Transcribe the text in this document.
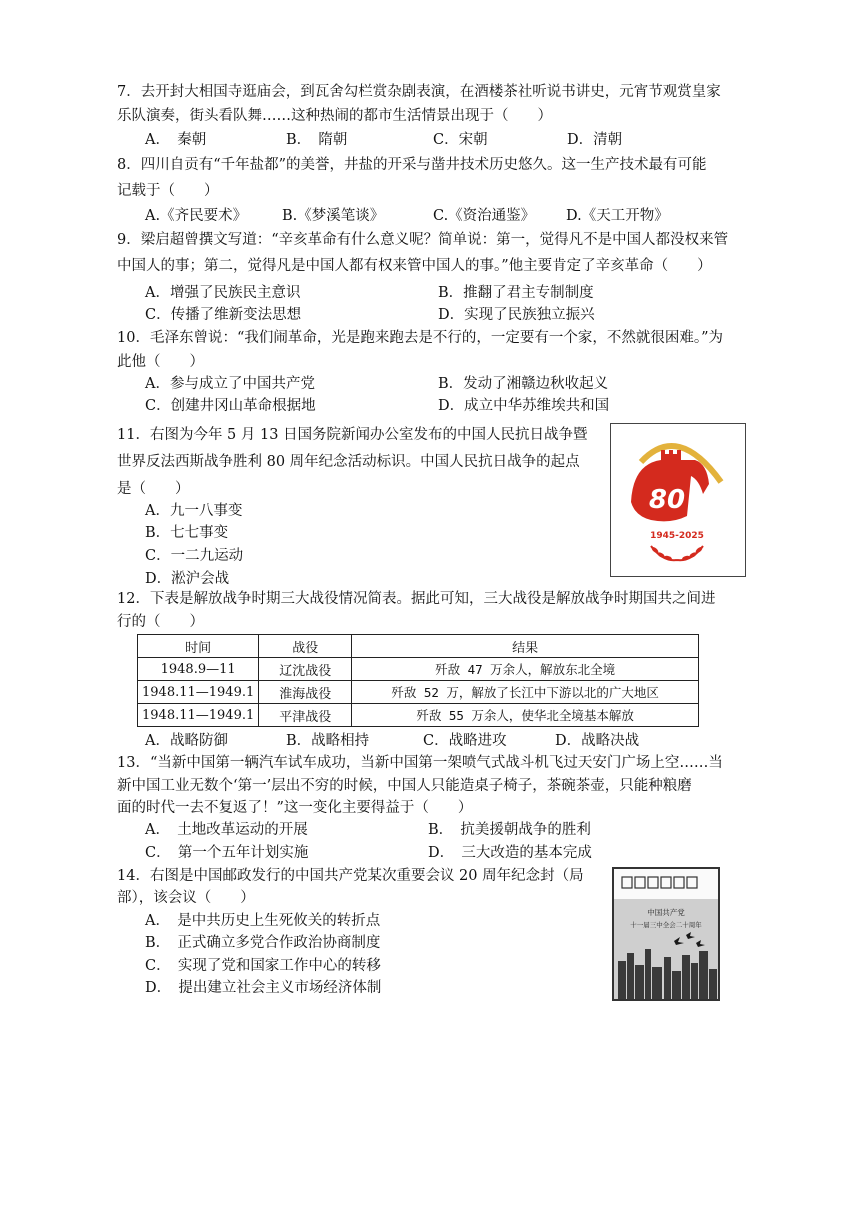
7．去开封大相国寺逛庙会，到瓦舍勾栏赏杂剧表演，在酒楼茶社听说书讲史，元宵节观赏皇家
乐队演奏，街头看队舞……这种热闹的都市生活情景出现于（　　）
A．　秦朝	B．　隋朝	C．宋朝	D．清朝
8．四川自贡有“千年盐都”的美誉，井盐的开采与凿井技术历史悠久。这一生产技术最有可能
记载于（　　）
A.《齐民要术》 B.《梦溪笔谈》	C.《资治通鉴》 D.《天工开物》
9．梁启超曾撰文写道：“辛亥革命有什么意义呢？简单说：第一，觉得凡不是中国人都没权来管
中国人的事；第二，觉得凡是中国人都有权来管中国人的事。”他主要肯定了辛亥革命（　　）
A．增强了民族民主意识	B．推翻了君主专制制度
C．传播了维新变法思想	D．实现了民族独立振兴
10．毛泽东曾说：“我们闹革命，光是跑来跑去是不行的，一定要有一个家，不然就很困难。”为
此他（　　）
A．参与成立了中国共产党	B．发动了湘赣边秋收起义
C．创建井冈山革命根据地	D．成立中华苏维埃共和国
11．右图为今年 5 月 13 日国务院新闻办公室发布的中国人民抗日战争暨
世界反法西斯战争胜利 80 周年纪念活动标识。中国人民抗日战争的起点
是（　　）
A．九一八事变
B．七七事变
C．一二九运动
D．淞沪会战
80
1945-2025
12．下表是解放战争时期三大战役情况简表。据此可知，三大战役是解放战争时期国共之间进
行的（　　）
时间	战役	结果
1948.9—11	辽沈战役	歼敌 47 万余人，解放东北全境
1948.11—1949.1	淮海战役	歼敌 52 万，解放了长江中下游以北的广大地区
1948.11—1949.1	平津战役	歼敌 55 万余人，使华北全境基本解放
A．战略防御	B．战略相持	C．战略进攻	D．战略决战
13．“当新中国第一辆汽车试车成功，当新中国第一架喷气式战斗机飞过天安门广场上空……当
新中国工业无数个‘第一’层出不穷的时候，中国人只能造桌子椅子，茶碗茶壶，只能种粮磨
面的时代一去不复返了！”这一变化主要得益于（　　）
A．　土地改革运动的开展	B．　抗美援朝战争的胜利
C．　第一个五年计划实施	D．　三大改造的基本完成
14．右图是中国邮政发行的中国共产党某次重要会议 20 周年纪念封（局
部），该会议（　　）
A．　是中共历史上生死攸关的转折点
B．　正式确立多党合作政治协商制度
C．　实现了党和国家工作中心的转移
D．　提出建立社会主义市场经济体制
中国共产党
十一届三中全会二十周年
